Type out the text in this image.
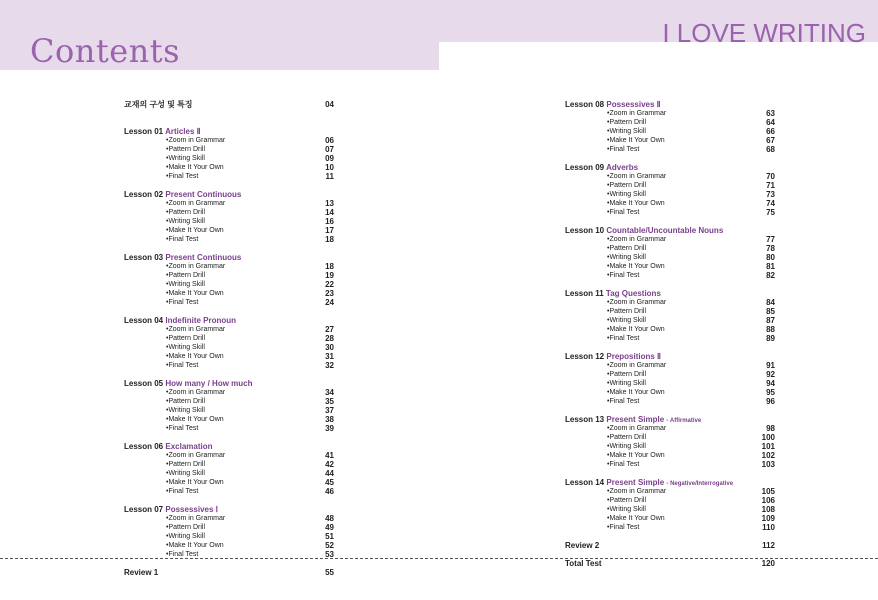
Contents	I LOVE WRITING
교재의 구성 및 특징	04
Lesson 01 Articles Ⅱ
•Zoom in Grammar	06
•Pattern Drill	07
•Writing Skill	09
•Make It Your Own	10
•Final Test	11
Lesson 02 Present Continuous
•Zoom in Grammar	13
•Pattern Drill	14
•Writing Skill	16
•Make It Your Own	17
•Final Test	18
Lesson 03 Present Continuous
•Zoom in Grammar	18
•Pattern Drill	19
•Writing Skill	22
•Make It Your Own	23
•Final Test	24
Lesson 04 Indefinite Pronoun
•Zoom in Grammar	27
•Pattern Drill	28
•Writing Skill	30
•Make It Your Own	31
•Final Test	32
Lesson 05 How many / How much
•Zoom in Grammar	34
•Pattern Drill	35
•Writing Skill	37
•Make It Your Own	38
•Final Test	39
Lesson 06 Exclamation
•Zoom in Grammar	41
•Pattern Drill	42
•Writing Skill	44
•Make It Your Own	45
•Final Test	46
Lesson 07 Possessives Ⅰ
•Zoom in Grammar	48
•Pattern Drill	49
•Writing Skill	51
•Make It Your Own	52
•Final Test	53
Review 1	55
Lesson 08 Possessives Ⅱ
•Zoom in Grammar	63
•Pattern Drill	64
•Writing Skill	66
•Make It Your Own	67
•Final Test	68
Lesson 09 Adverbs
•Zoom in Grammar	70
•Pattern Drill	71
•Writing Skill	73
•Make It Your Own	74
•Final Test	75
Lesson 10 Countable/Uncountable Nouns
•Zoom in Grammar	77
•Pattern Drill	78
•Writing Skill	80
•Make It Your Own	81
•Final Test	82
Lesson 11 Tag Questions
•Zoom in Grammar	84
•Pattern Drill	85
•Writing Skill	87
•Make It Your Own	88
•Final Test	89
Lesson 12 Prepositions Ⅱ
•Zoom in Grammar	91
•Pattern Drill	92
•Writing Skill	94
•Make It Your Own	95
•Final Test	96
Lesson 13 Present Simple - Affirmative
•Zoom in Grammar	98
•Pattern Drill	100
•Writing Skill	101
•Make It Your Own	102
•Final Test	103
Lesson 14 Present Simple - Negative/Interrogative
•Zoom in Grammar	105
•Pattern Drill	106
•Writing Skill	108
•Make It Your Own	109
•Final Test	110
Review 2	112
Total Test	120
